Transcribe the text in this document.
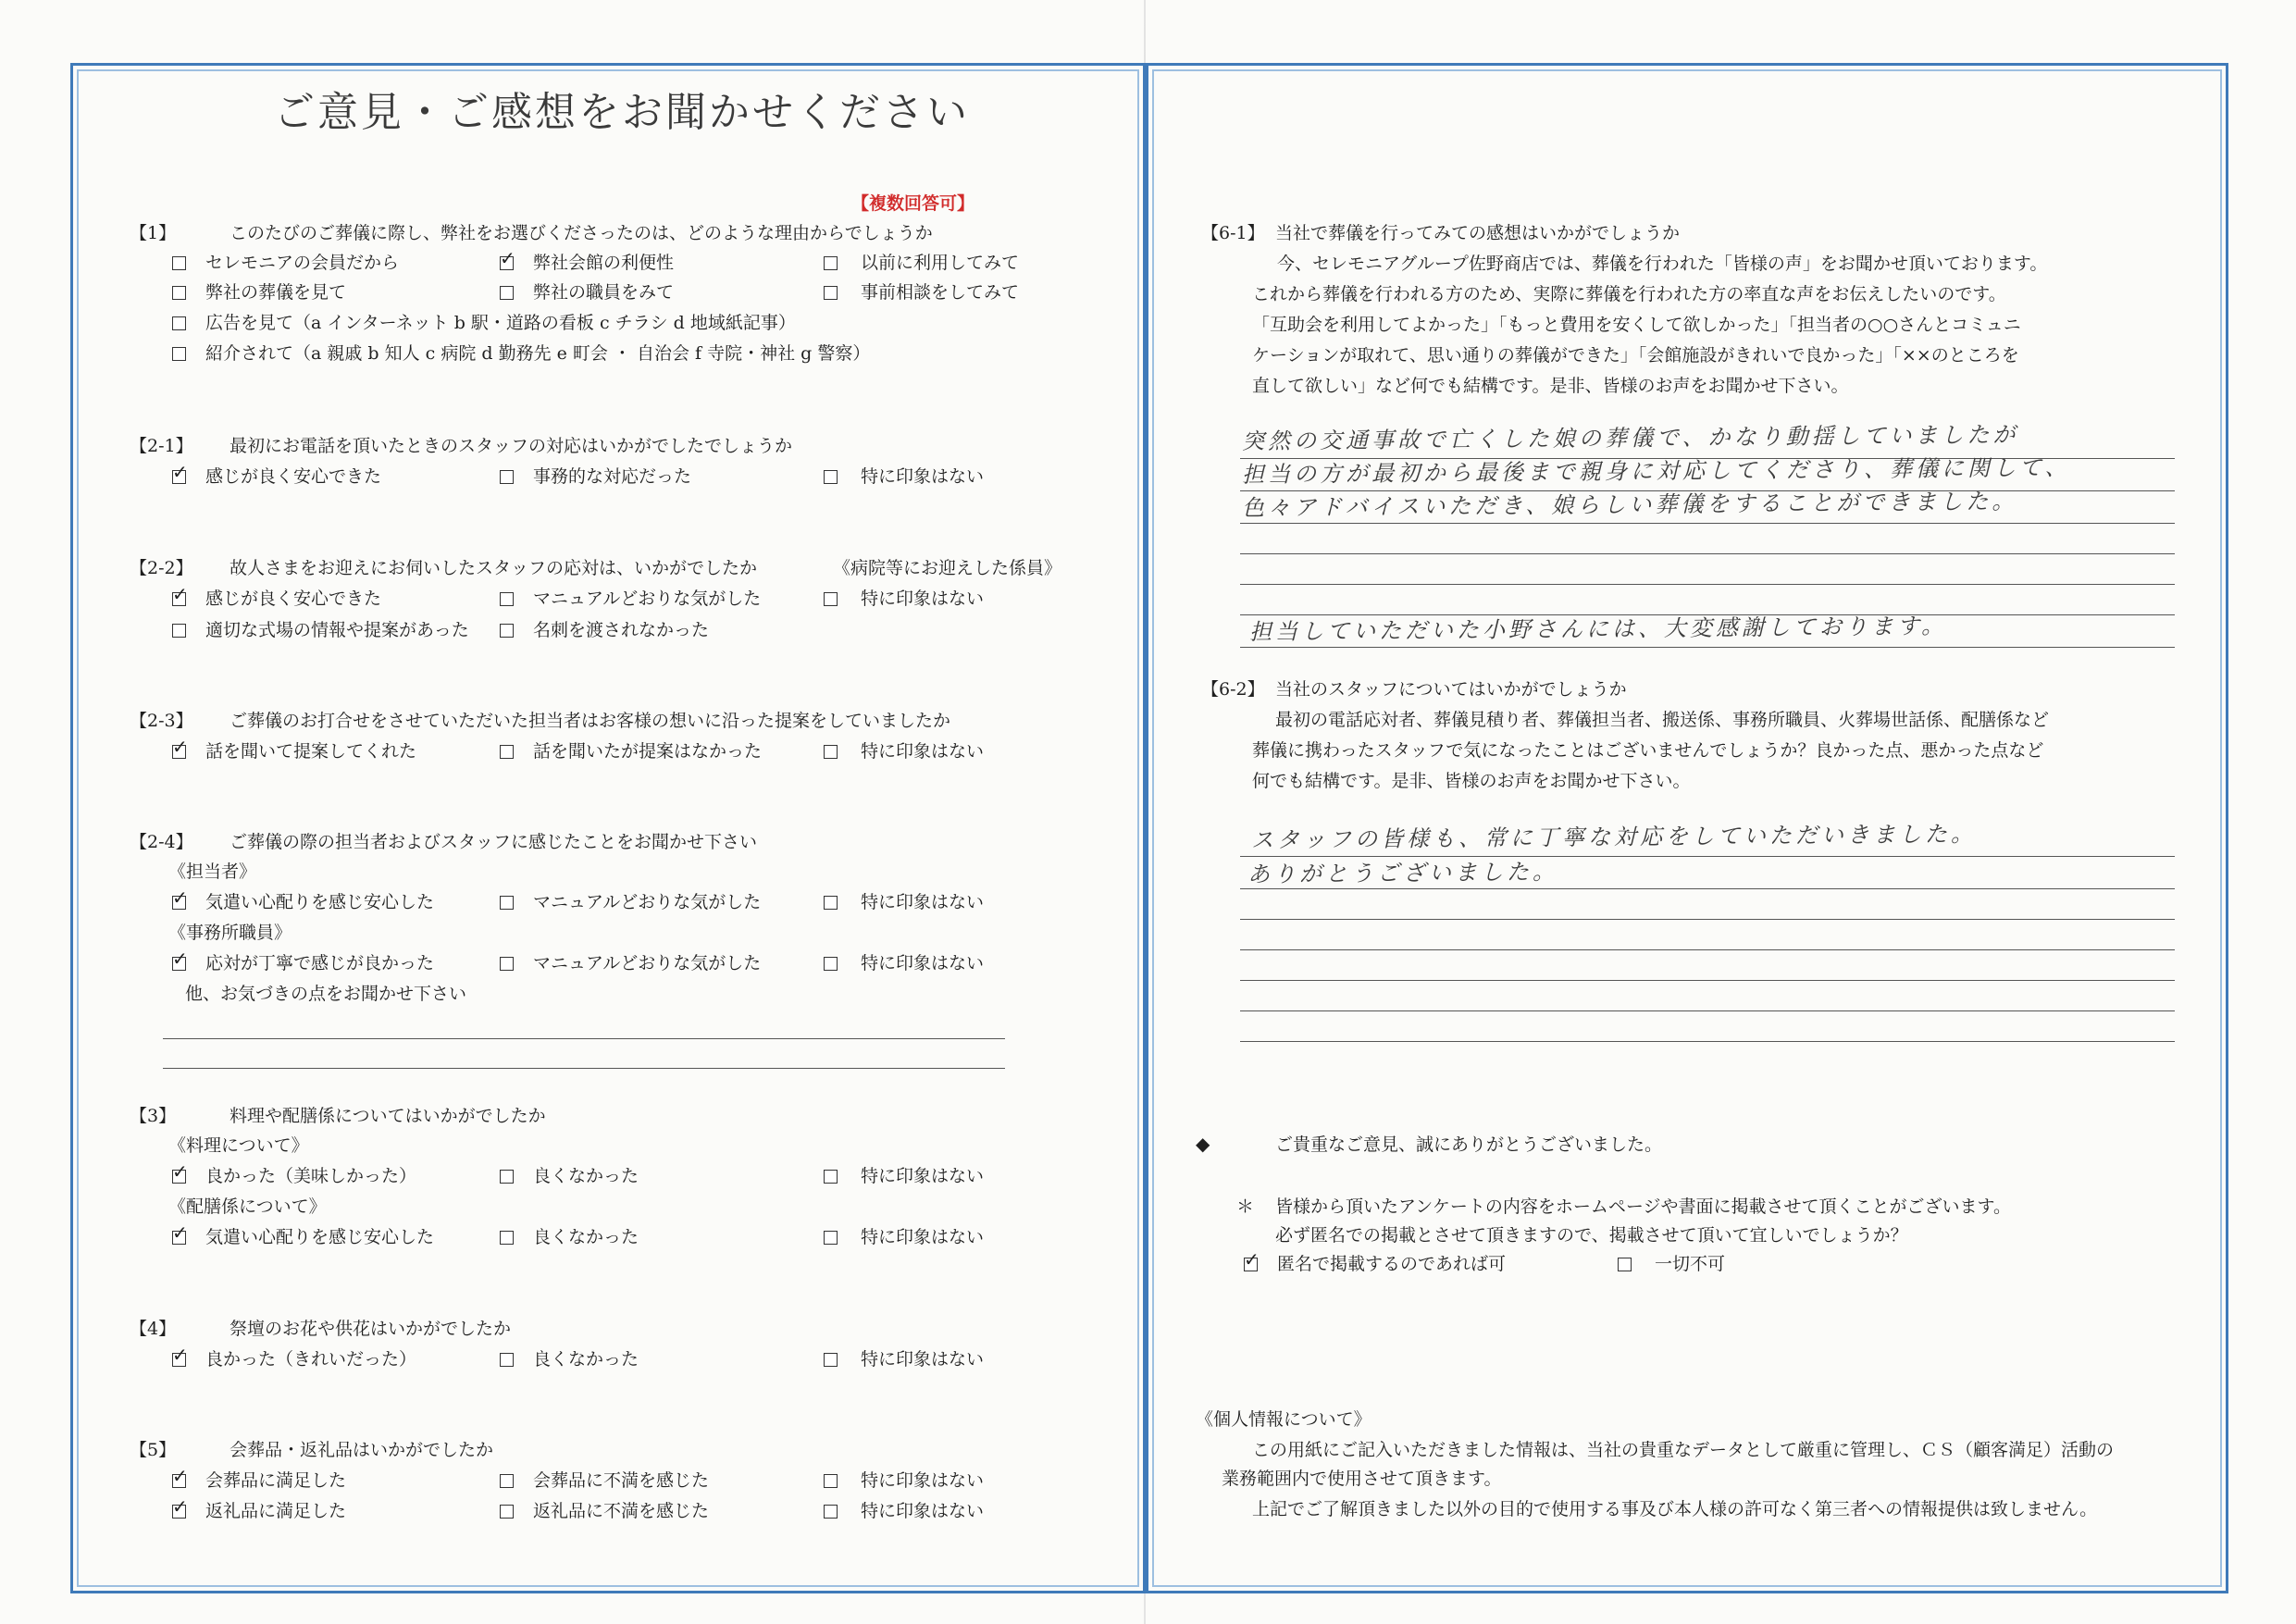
ご意見・ご感想をお聞かせください
【複数回答可】
【1】	このたびのご葬儀に際し、弊社をお選びくださったのは、どのような理由からでしょうか
セレモニアの会員だから	✓ 弊社会館の利便性	以前に利用してみて
弊社の葬儀を見て	弊社の職員をみて	事前相談をしてみて
広告を見て（a インターネット b 駅・道路の看板 c チラシ d 地域紙記事）
紹介されて（a 親戚 b 知人 c 病院 d 勤務先 e 町会 ・ 自治会 f 寺院・神社 g 警察）
【2-1】 最初にお電話を頂いたときのスタッフの対応はいかがでしたでしょうか
✓ 感じが良く安心できた	事務的な対応だった	特に印象はない
【2-2】 故人さまをお迎えにお伺いしたスタッフの応対は、いかがでしたか	《病院等にお迎えした係員》
✓ 感じが良く安心できた	マニュアルどおりな気がした	特に印象はない
適切な式場の情報や提案があった	名刺を渡されなかった
【2-3】 ご葬儀のお打合せをさせていただいた担当者はお客様の想いに沿った提案をしていましたか
✓ 話を聞いて提案してくれた	話を聞いたが提案はなかった	特に印象はない
【2-4】 ご葬儀の際の担当者およびスタッフに感じたことをお聞かせ下さい
《担当者》
✓ 気遣い心配りを感じ安心した	マニュアルどおりな気がした	特に印象はない
《事務所職員》
✓ 応対が丁寧で感じが良かった	マニュアルどおりな気がした	特に印象はない
他、お気づきの点をお聞かせ下さい
【3】	料理や配膳係についてはいかがでしたか
《料理について》
✓ 良かった（美味しかった）	良くなかった	特に印象はない
《配膳係について》
✓ 気遣い心配りを感じ安心した	良くなかった	特に印象はない
【4】	祭壇のお花や供花はいかがでしたか
✓ 良かった（きれいだった）	良くなかった	特に印象はない
【5】	会葬品・返礼品はいかがでしたか
✓ 会葬品に満足した	会葬品に不満を感じた	特に印象はない
✓ 返礼品に満足した	返礼品に不満を感じた	特に印象はない
【6-1】 当社で葬儀を行ってみての感想はいかがでしょうか
今、セレモニアグループ佐野商店では、葬儀を行われた「皆様の声」をお聞かせ頂いております。
これから葬儀を行われる方のため、実際に葬儀を行われた方の率直な声をお伝えしたいのです。
「互助会を利用してよかった」「もっと費用を安くして欲しかった」「担当者の○○さんとコミュニ
ケーションが取れて、思い通りの葬儀ができた」「会館施設がきれいで良かった」「××のところを
直して欲しい」など何でも結構です。是非、皆様のお声をお聞かせ下さい。
突然の交通事故で亡くした娘の葬儀で、かなり動揺していましたが
担当の方が最初から最後まで親身に対応してくださり、葬儀に関して、
色々アドバイスいただき、娘らしい葬儀をすることができました。
担当していただいた小野さんには、大変感謝しております。
【6-2】 当社のスタッフについてはいかがでしょうか
最初の電話応対者、葬儀見積り者、葬儀担当者、搬送係、事務所職員、火葬場世話係、配膳係など
葬儀に携わったスタッフで気になったことはございませんでしょうか？良かった点、悪かった点など
何でも結構です。是非、皆様のお声をお聞かせ下さい。
スタッフの皆様も、常に丁寧な対応をしていただいきました。
ありがとうございました。
◆	ご貴重なご意見、誠にありがとうございました。
＊ 皆様から頂いたアンケートの内容をホームページや書面に掲載させて頂くことがございます。
必ず匿名での掲載とさせて頂きますので、掲載させて頂いて宜しいでしょうか？
✓ 匿名で掲載するのであれば可	一切不可
《個人情報について》
この用紙にご記入いただきました情報は、当社の貴重なデータとして厳重に管理し、ＣＳ（顧客満足）活動の
業務範囲内で使用させて頂きます。
上記でご了解頂きました以外の目的で使用する事及び本人様の許可なく第三者への情報提供は致しません。
